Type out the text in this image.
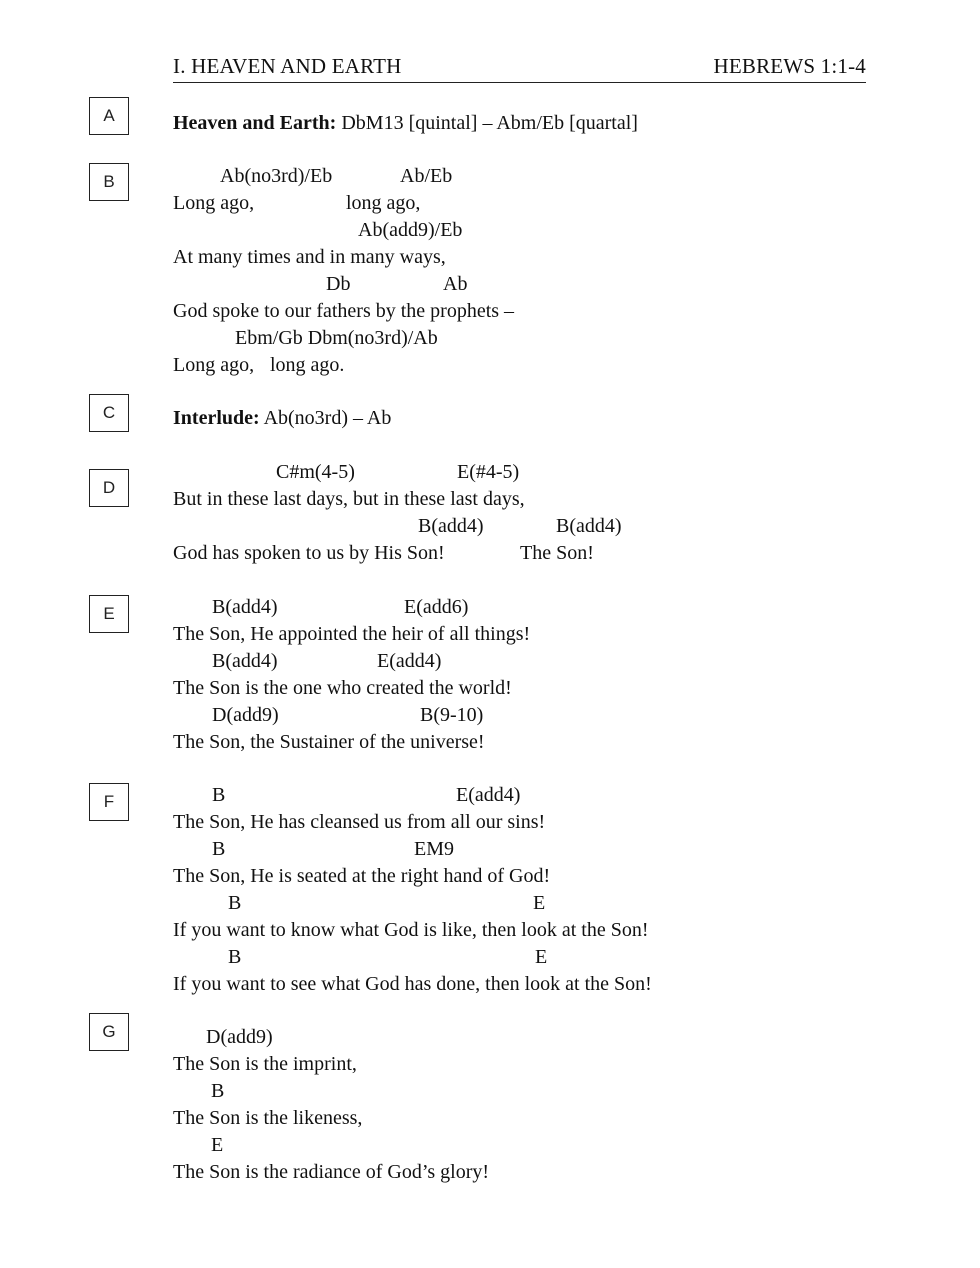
I. HEAVEN AND EARTH	HEBREWS 1:1-4
A	Heaven and Earth: DbM13 [quintal] – Abm/Eb [quartal]
B	Ab(no3rd)/Eb	Ab/Eb
Long ago,	long ago,
Ab(add9)/Eb
At many times and in many ways,
Db	Ab
God spoke to our fathers by the prophets –
Ebm/Gb Dbm(no3rd)/Ab
Long ago, long ago.
C	Interlude: Ab(no3rd) – Ab
D
C#m(4-5)	E(#4-5)
But in these last days, but in these last days,
B(add4)	B(add4)
God has spoken to us by His Son!	The Son!
E	B(add4)	E(add6)
The Son, He appointed the heir of all things!
B(add4)	E(add4)
The Son is the one who created the world!
D(add9)	B(9-10)
The Son, the Sustainer of the universe!
F	B	E(add4)
The Son, He has cleansed us from all our sins!
B	EM9
The Son, He is seated at the right hand of God!
B	E
If you want to know what God is like, then look at the Son!
B	E
If you want to see what God has done, then look at the Son!
G	D(add9)
The Son is the imprint,
B
The Son is the likeness,
E
The Son is the radiance of God’s glory!
